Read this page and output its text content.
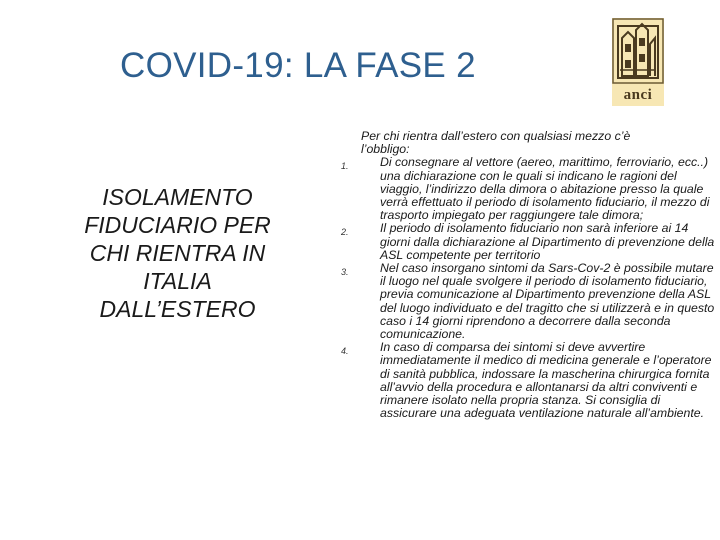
COVID-19: LA FASE 2
anci
ISOLAMENTO
FIDUCIARIO PER
CHI RIENTRA IN
ITALIA
DALL’ESTERO
Per chi rientra dall’estero con qualsiasi mezzo c’è l’obbligo:
1.	Di consegnare al vettore (aereo, marittimo, ferroviario, ecc..) una dichiarazione con le quali si indicano le ragioni del viaggio, l’indirizzo della dimora o abitazione presso la quale verrà effettuato il periodo di isolamento fiduciario, il mezzo di trasporto impiegato per raggiungere tale dimora;
2.	Il periodo di isolamento fiduciario non sarà inferiore ai 14 giorni dalla dichiarazione al Dipartimento di prevenzione della ASL competente per territorio
3.	Nel caso insorgano sintomi da Sars-Cov-2 è possibile mutare il luogo nel quale svolgere il periodo di isolamento fiduciario, previa comunicazione al Dipartimento prevenzione della ASL del luogo individuato e del tragitto che si utilizzerà e in questo caso i 14 giorni riprendono a decorrere dalla seconda comunicazione.
4.	In caso di comparsa dei sintomi si deve avvertire immediatamente il medico di medicina generale e l’operatore di sanità pubblica, indossare la mascherina chirurgica fornita all’avvio della procedura e allontanarsi da altri conviventi e rimanere isolato nella propria stanza. Si consiglia di assicurare una adeguata ventilazione naturale all’ambiente.
